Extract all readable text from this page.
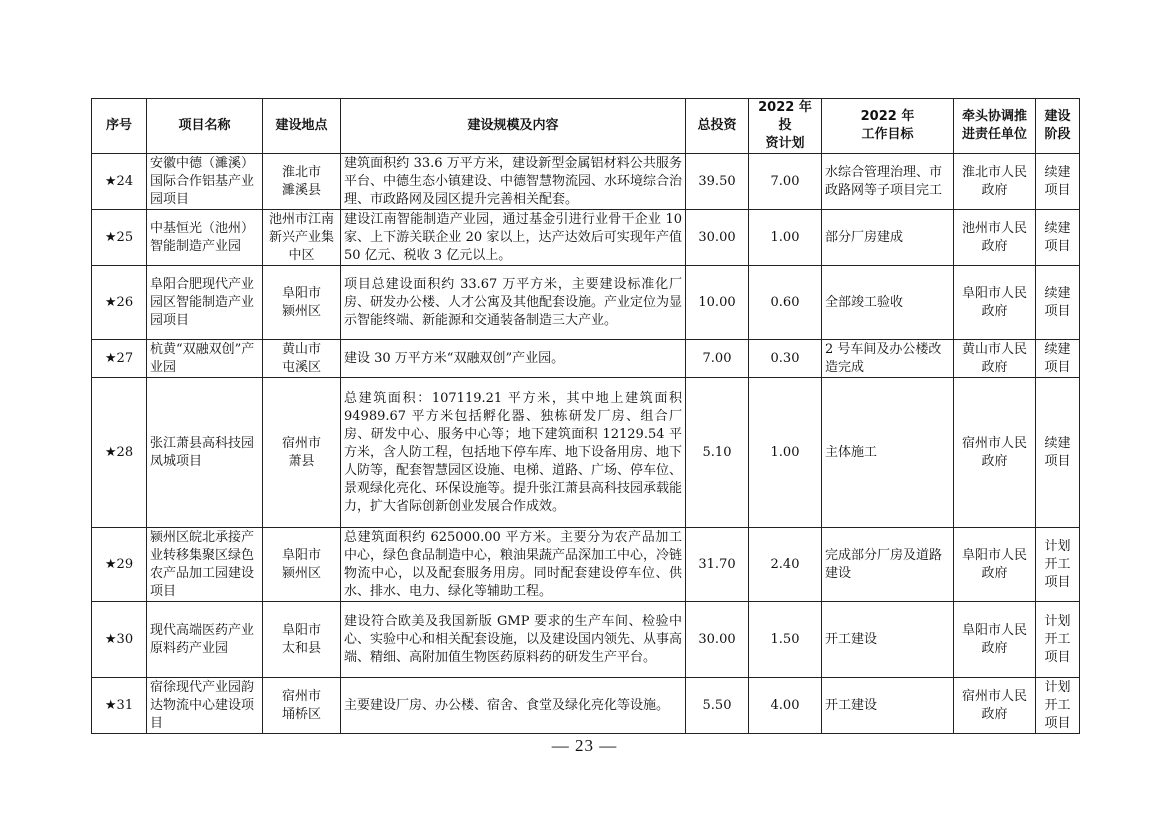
序号	项目名称	建设地点	建设规模及内容	总投资	2022 年投
资计划	2022 年
工作目标	牵头协调推
进责任单位	建设
阶段

★24	安徽中德（濉溪）国际合作铝基产业园项目	淮北市
濉溪县	建筑面积约 33.6 万平方米，建设新型金属铝材料公共服务平台、中德生态小镇建设、中德智慧物流园、水环境综合治理、市政路网及园区提升完善相关配套。	39.50	7.00	水综合管理治理、市政路网等子项目完工	淮北市人民政府	续建
项目
★25	中基恒光（池州）智能制造产业园	池州市江南新兴产业集中区	建设江南智能制造产业园，通过基金引进行业骨干企业 10 家、上下游关联企业 20 家以上，达产达效后可实现年产值 50 亿元、税收 3 亿元以上。	30.00	1.00	部分厂房建成	池州市人民政府	续建
项目
★26	阜阳合肥现代产业园区智能制造产业园项目	阜阳市
颍州区	项目总建设面积约 33.67 万平方米，主要建设标准化厂房、研发办公楼、人才公寓及其他配套设施。产业定位为显示智能终端、新能源和交通装备制造三大产业。	10.00	0.60	全部竣工验收	阜阳市人民政府	续建
项目
★27	杭黄“双融双创”产业园	黄山市
屯溪区	建设 30 万平方米“双融双创”产业园。	7.00	0.30	2 号车间及办公楼改造完成	黄山市人民政府	续建
项目
★28	张江萧县高科技园凤城项目	宿州市
萧县	总建筑面积：107119.21 平方米，其中地上建筑面积 94989.67 平方米包括孵化器、独栋研发厂房、组合厂房、研发中心、服务中心等；地下建筑面积 12129.54 平方米，含人防工程，包括地下停车库、地下设备用房、地下人防等，配套智慧园区设施、电梯、道路、广场、停车位、景观绿化亮化、环保设施等。提升张江萧县高科技园承载能力，扩大省际创新创业发展合作成效。	5.10	1.00	主体施工	宿州市人民政府	续建
项目
★29	颍州区皖北承接产业转移集聚区绿色农产品加工园建设项目	阜阳市
颍州区	总建筑面积约 625000.00 平方米。主要分为农产品加工中心，绿色食品制造中心，粮油果蔬产品深加工中心，冷链物流中心，以及配套服务用房。同时配套建设停车位、供水、排水、电力、绿化等辅助工程。	31.70	2.40	完成部分厂房及道路建设	阜阳市人民政府	计划
开工
项目
★30	现代高端医药产业原料药产业园	阜阳市
太和县	建设符合欧美及我国新版 GMP 要求的生产车间、检验中心、实验中心和相关配套设施，以及建设国内领先、从事高端、精细、高附加值生物医药原料药的研发生产平台。	30.00	1.50	开工建设	阜阳市人民政府	计划
开工
项目
★31	宿徐现代产业园韵达物流中心建设项目	宿州市
埇桥区	主要建设厂房、办公楼、宿舍、食堂及绿化亮化等设施。	5.50	4.00	开工建设	宿州市人民政府	计划
开工
项目
— 23 —
